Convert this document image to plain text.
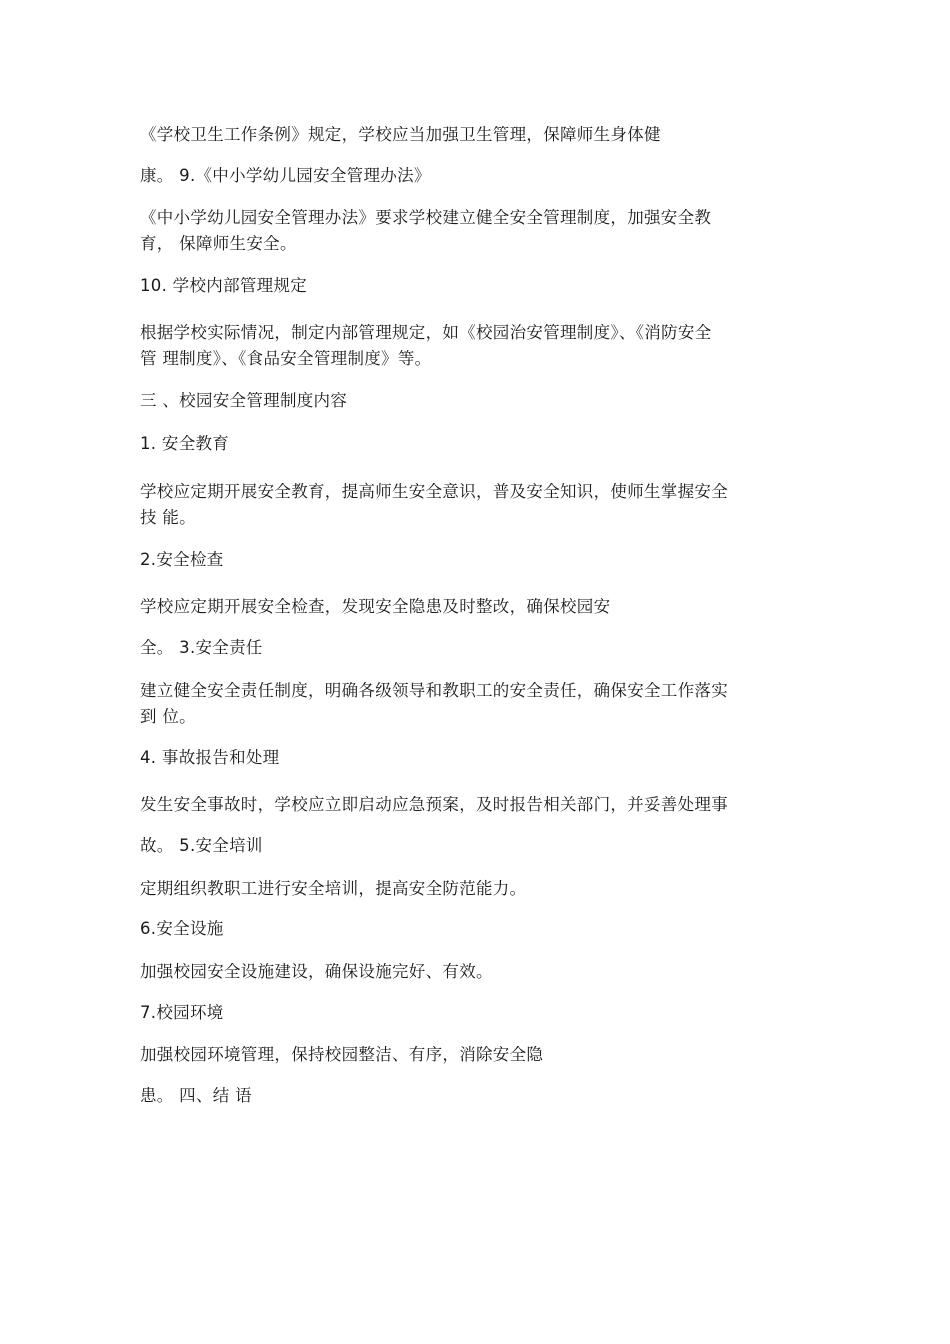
《学校卫生工作条例》规定，学校应当加强卫生管理，保障师生身体健
康。 9.《中小学幼儿园安全管理办法》
《中小学幼儿园安全管理办法》要求学校建立健全安全管理制度，加强安全教
育， 保障师生安全。
10. 学校内部管理规定
根据学校实际情况，制定内部管理规定，如《校园治安管理制度》、《消防安全
管 理制度》、《食品安全管理制度》等。
三 、校园安全管理制度内容
1. 安全教育
学校应定期开展安全教育，提高师生安全意识，普及安全知识，使师生掌握安全
技 能。
2.安全检查
学校应定期开展安全检查，发现安全隐患及时整改，确保校园安
全。 3.安全责任
建立健全安全责任制度，明确各级领导和教职工的安全责任，确保安全工作落实
到 位。
4. 事故报告和处理
发生安全事故时，学校应立即启动应急预案，及时报告相关部门，并妥善处理事
故。 5.安全培训
定期组织教职工进行安全培训，提高安全防范能力。
6.安全设施
加强校园安全设施建设，确保设施完好、有效。
7.校园环境
加强校园环境管理，保持校园整洁、有序，消除安全隐
患。 四、结 语
